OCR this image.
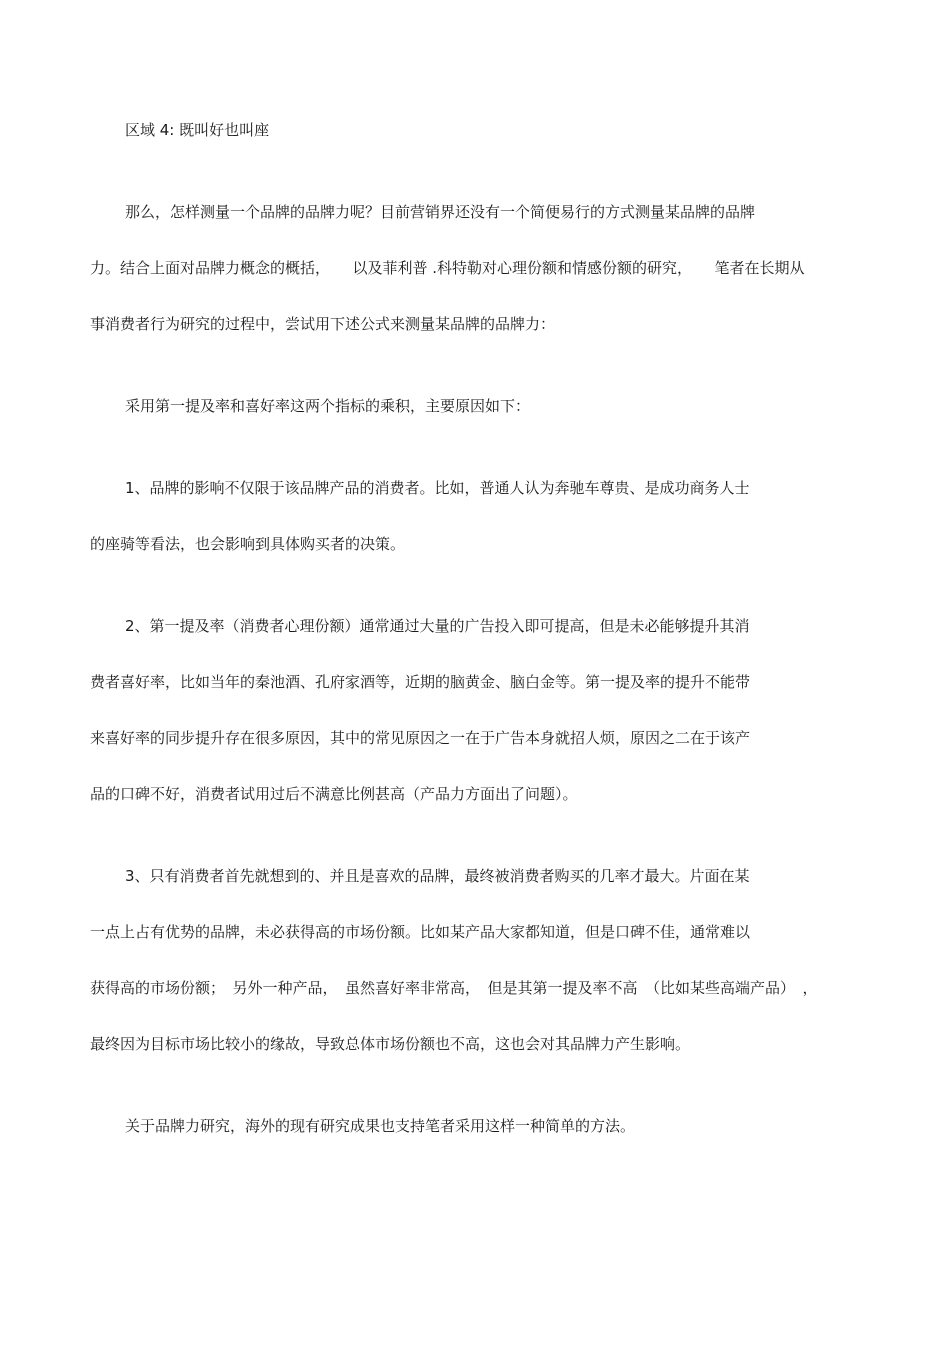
区域 4: 既叫好也叫座
那么，怎样测量一个品牌的品牌力呢？目前营销界还没有一个简便易行的方式测量某品牌的品牌
力。结合上面对品牌力概念的概括，　　以及菲利普 .科特勒对心理份额和情感份额的研究，　　笔者在长期从
事消费者行为研究的过程中，尝试用下述公式来测量某品牌的品牌力：
采用第一提及率和喜好率这两个指标的乘积，主要原因如下：
1、品牌的影响不仅限于该品牌产品的消费者。比如，普通人认为奔驰车尊贵、是成功商务人士
的座骑等看法，也会影响到具体购买者的决策。
2、第一提及率（消费者心理份额）通常通过大量的广告投入即可提高，但是未必能够提升其消
费者喜好率，比如当年的秦池酒、孔府家酒等，近期的脑黄金、脑白金等。第一提及率的提升不能带
来喜好率的同步提升存在很多原因，其中的常见原因之一在于广告本身就招人烦，原因之二在于该产
品的口碑不好，消费者试用过后不满意比例甚高（产品力方面出了问题）。
3、只有消费者首先就想到的、并且是喜欢的品牌，最终被消费者购买的几率才最大。片面在某
一点上占有优势的品牌，未必获得高的市场份额。比如某产品大家都知道，但是口碑不佳，通常难以
获得高的市场份额；　另外一种产品，　虽然喜好率非常高，　但是其第一提及率不高　（比如某些高端产品）　，
最终因为目标市场比较小的缘故，导致总体市场份额也不高，这也会对其品牌力产生影响。
关于品牌力研究，海外的现有研究成果也支持笔者采用这样一种简单的方法。
